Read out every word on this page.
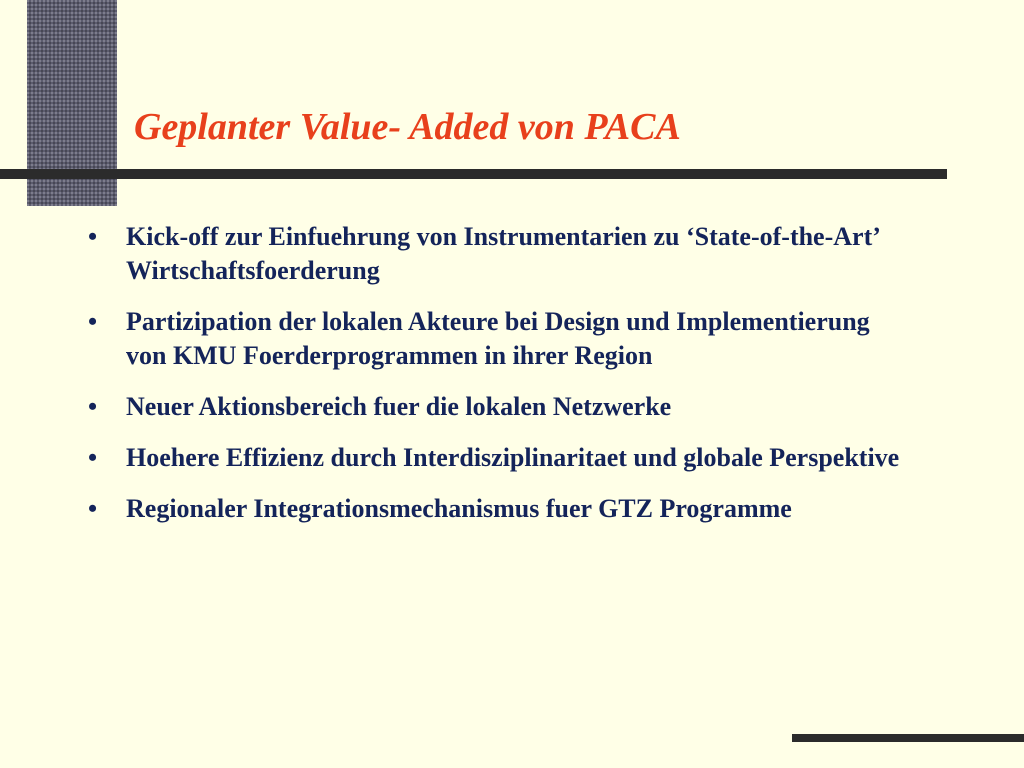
Geplanter Value- Added von PACA
• Kick-off zur Einfuehrung von Instrumentarien zu ‘State-of-the-Art’ Wirtschaftsfoerderung
• Partizipation der lokalen Akteure bei Design und Implementierung von KMU Foerderprogrammen in ihrer Region
• Neuer Aktionsbereich fuer die lokalen Netzwerke
• Hoehere Effizienz durch Interdisziplinaritaet und globale Perspektive
• Regionaler Integrationsmechanismus fuer GTZ Programme
